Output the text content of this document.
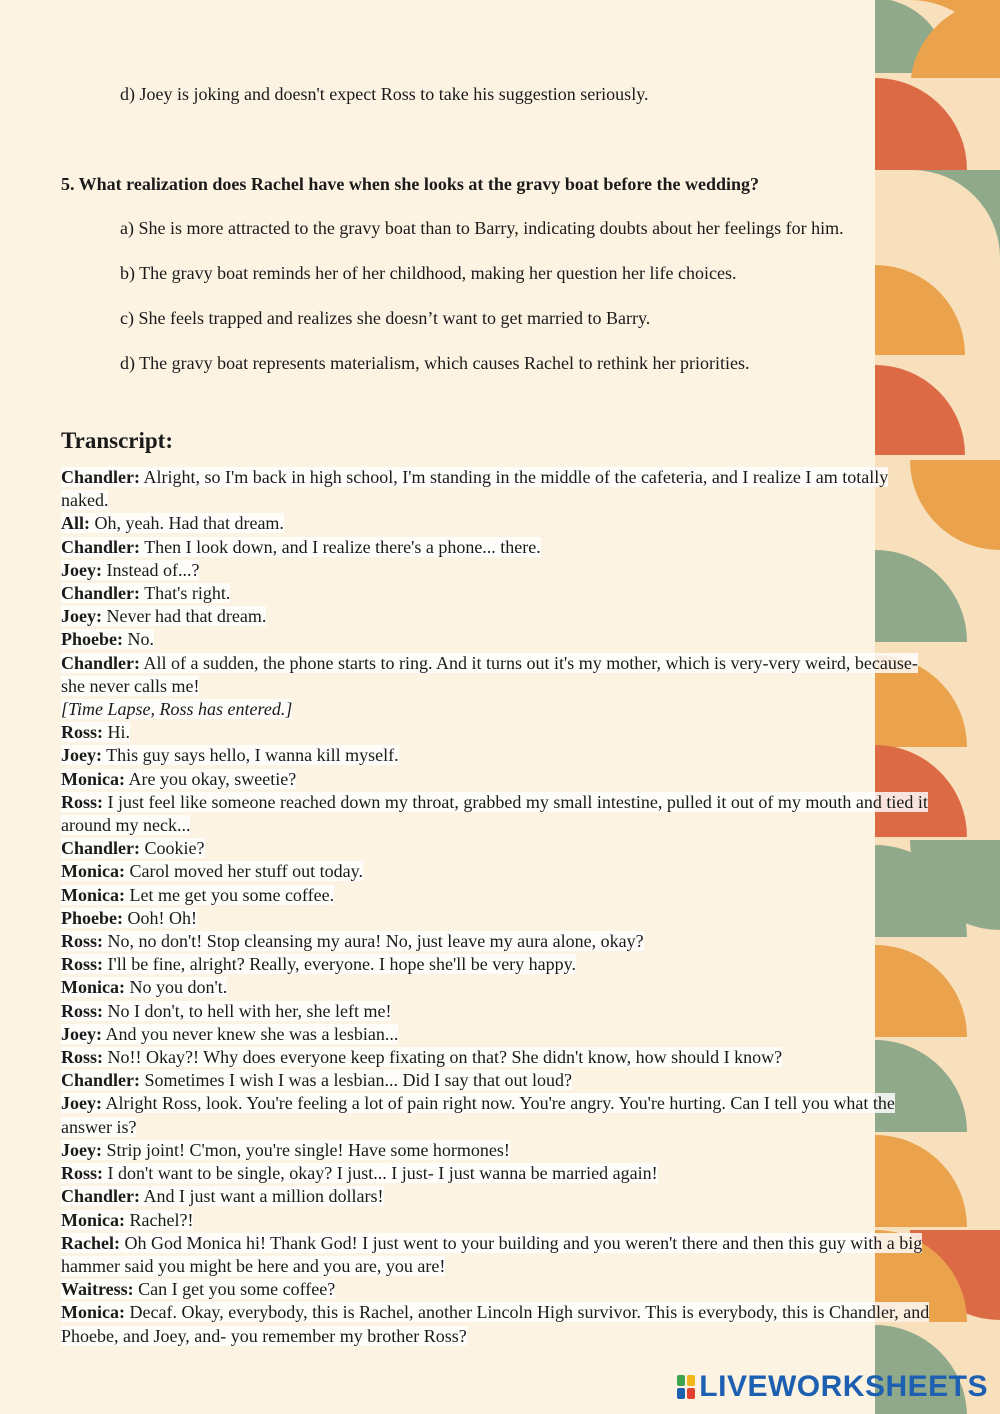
d) Joey is joking and doesn't expect Ross to take his suggestion seriously.
5. What realization does Rachel have when she looks at the gravy boat before the wedding?
a) She is more attracted to the gravy boat than to Barry, indicating doubts about her feelings for him.
b) The gravy boat reminds her of her childhood, making her question her life choices.
c) She feels trapped and realizes she doesn’t want to get married to Barry.
d) The gravy boat represents materialism, which causes Rachel to rethink her priorities.
Transcript:

Chandler: Alright, so I'm back in high school, I'm standing in the middle of the cafeteria, and I realize I am totally naked.

All: Oh, yeah. Had that dream.

Chandler: Then I look down, and I realize there's a phone... there.

Joey: Instead of...?

Chandler: That's right.

Joey: Never had that dream.

Phoebe: No.

Chandler: All of a sudden, the phone starts to ring. And it turns out it's my mother, which is very-very weird, because- she never calls me!

[Time Lapse, Ross has entered.]

Ross: Hi.

Joey: This guy says hello, I wanna kill myself.

Monica: Are you okay, sweetie?

Ross: I just feel like someone reached down my throat, grabbed my small intestine, pulled it out of my mouth and tied it around my neck...

Chandler: Cookie?

Monica: Carol moved her stuff out today.

Monica: Let me get you some coffee.

Phoebe: Ooh! Oh!

Ross: No, no don't! Stop cleansing my aura! No, just leave my aura alone, okay?

Ross: I'll be fine, alright? Really, everyone. I hope she'll be very happy.

Monica: No you don't.

Ross: No I don't, to hell with her, she left me!

Joey: And you never knew she was a lesbian...

Ross: No!! Okay?! Why does everyone keep fixating on that? She didn't know, how should I know?

Chandler: Sometimes I wish I was a lesbian... Did I say that out loud?

Joey: Alright Ross, look. You're feeling a lot of pain right now. You're angry. You're hurting. Can I tell you what the answer is?

Joey: Strip joint! C'mon, you're single! Have some hormones!

Ross: I don't want to be single, okay? I just... I just- I just wanna be married again!

Chandler: And I just want a million dollars!

Monica: Rachel?!

Rachel: Oh God Monica hi! Thank God! I just went to your building and you weren't there and then this guy with a big hammer said you might be here and you are, you are!

Waitress: Can I get you some coffee?

Monica: Decaf. Okay, everybody, this is Rachel, another Lincoln High survivor. This is everybody, this is Chandler, and Phoebe, and Joey, and- you remember my brother Ross?

LIVEWORKSHEETS
